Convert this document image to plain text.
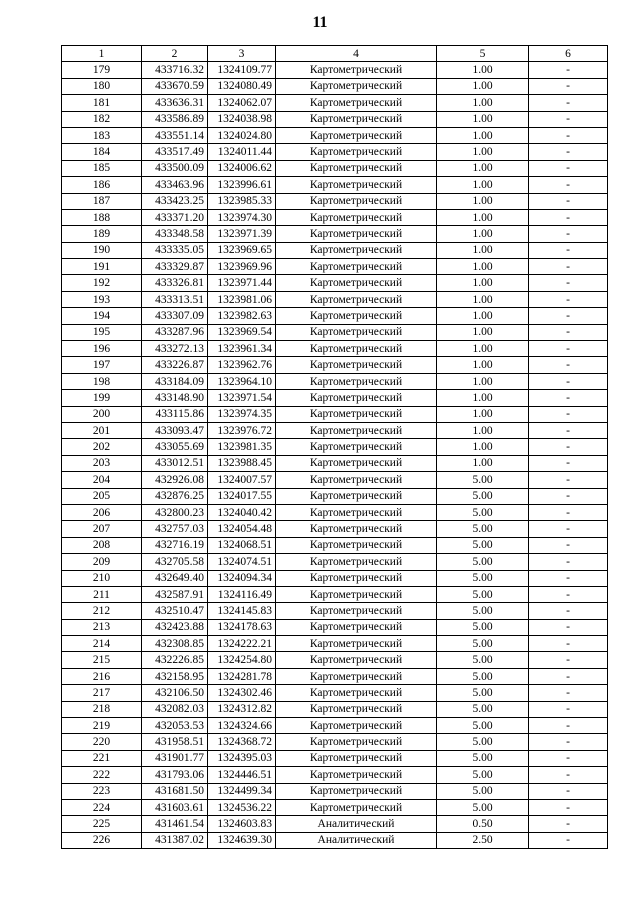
11
1	2	3	4	5	6
179	433716.32	1324109.77	Картометрический	1.00	-
180	433670.59	1324080.49	Картометрический	1.00	-
181	433636.31	1324062.07	Картометрический	1.00	-
182	433586.89	1324038.98	Картометрический	1.00	-
183	433551.14	1324024.80	Картометрический	1.00	-
184	433517.49	1324011.44	Картометрический	1.00	-
185	433500.09	1324006.62	Картометрический	1.00	-
186	433463.96	1323996.61	Картометрический	1.00	-
187	433423.25	1323985.33	Картометрический	1.00	-
188	433371.20	1323974.30	Картометрический	1.00	-
189	433348.58	1323971.39	Картометрический	1.00	-
190	433335.05	1323969.65	Картометрический	1.00	-
191	433329.87	1323969.96	Картометрический	1.00	-
192	433326.81	1323971.44	Картометрический	1.00	-
193	433313.51	1323981.06	Картометрический	1.00	-
194	433307.09	1323982.63	Картометрический	1.00	-
195	433287.96	1323969.54	Картометрический	1.00	-
196	433272.13	1323961.34	Картометрический	1.00	-
197	433226.87	1323962.76	Картометрический	1.00	-
198	433184.09	1323964.10	Картометрический	1.00	-
199	433148.90	1323971.54	Картометрический	1.00	-
200	433115.86	1323974.35	Картометрический	1.00	-
201	433093.47	1323976.72	Картометрический	1.00	-
202	433055.69	1323981.35	Картометрический	1.00	-
203	433012.51	1323988.45	Картометрический	1.00	-
204	432926.08	1324007.57	Картометрический	5.00	-
205	432876.25	1324017.55	Картометрический	5.00	-
206	432800.23	1324040.42	Картометрический	5.00	-
207	432757.03	1324054.48	Картометрический	5.00	-
208	432716.19	1324068.51	Картометрический	5.00	-
209	432705.58	1324074.51	Картометрический	5.00	-
210	432649.40	1324094.34	Картометрический	5.00	-
211	432587.91	1324116.49	Картометрический	5.00	-
212	432510.47	1324145.83	Картометрический	5.00	-
213	432423.88	1324178.63	Картометрический	5.00	-
214	432308.85	1324222.21	Картометрический	5.00	-
215	432226.85	1324254.80	Картометрический	5.00	-
216	432158.95	1324281.78	Картометрический	5.00	-
217	432106.50	1324302.46	Картометрический	5.00	-
218	432082.03	1324312.82	Картометрический	5.00	-
219	432053.53	1324324.66	Картометрический	5.00	-
220	431958.51	1324368.72	Картометрический	5.00	-
221	431901.77	1324395.03	Картометрический	5.00	-
222	431793.06	1324446.51	Картометрический	5.00	-
223	431681.50	1324499.34	Картометрический	5.00	-
224	431603.61	1324536.22	Картометрический	5.00	-
225	431461.54	1324603.83	Аналитический	0.50	-
226	431387.02	1324639.30	Аналитический	2.50	-
